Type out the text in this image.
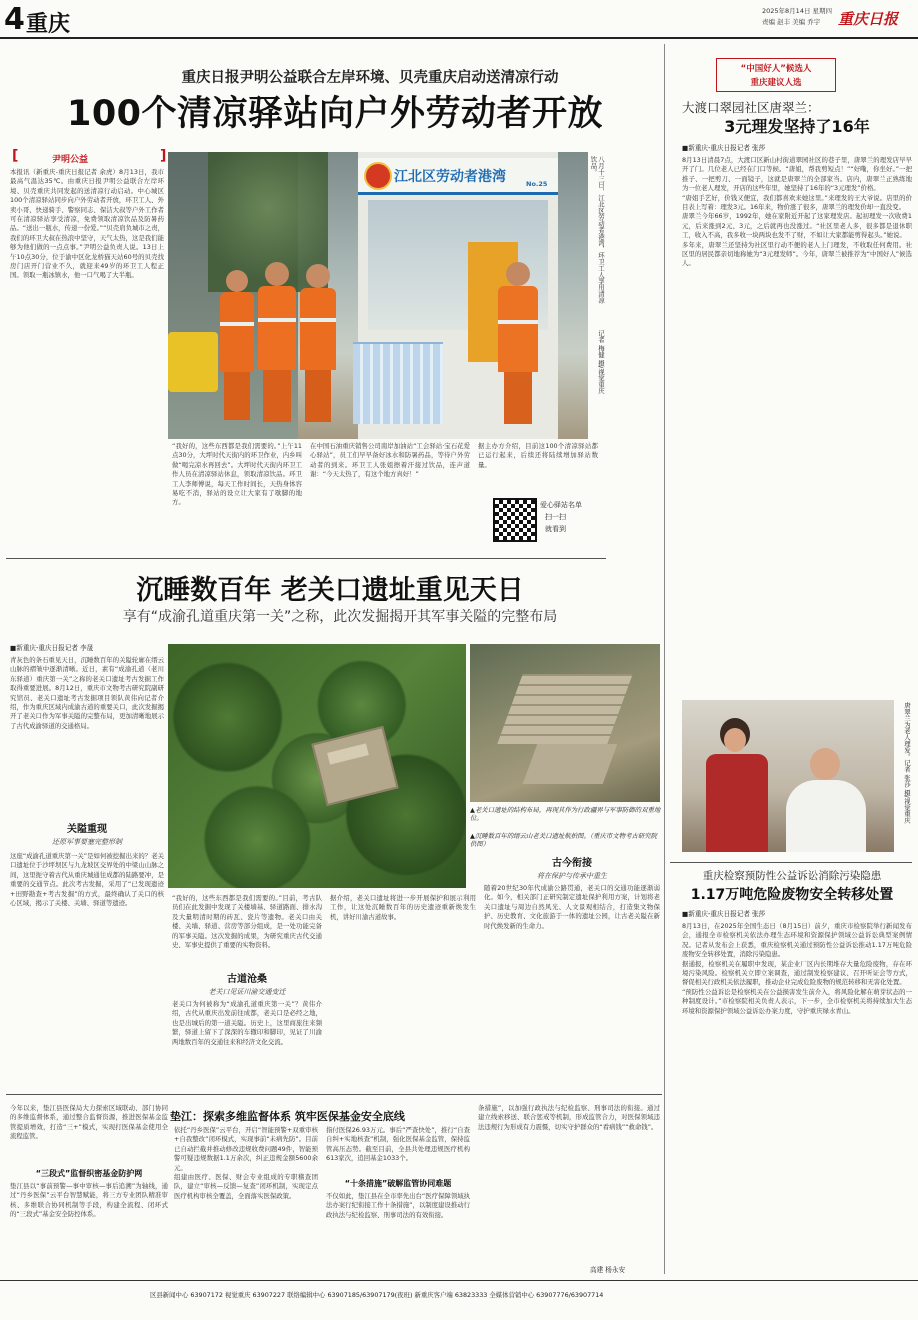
4 重庆
2025年8月14日 星期四
责编 赵丰 美编 乔宇 重庆日报
重庆日报尹明公益联合左岸环境、贝壳重庆启动送清凉行动
100个清凉驿站向户外劳动者开放
[	尹明公益	]
本报讯（新重庆-重庆日报记者 余虎）8月13日，我市最高气温达35℃。由重庆日报尹明公益联合左岸环境、贝壳重庆共同发起的送清凉行动启动。中心城区100个清凉驿站同步向户外劳动者开放，环卫工人、外卖小哥、快递骑手、警察同志、保洁大叔等户外工作者可在清凉驿站享受清凉，免费领取清凉饮品及防暑药品。“送出一瓶水，传递一份爱。”“贝壳肩负城市之责，我们的环卫大叔在热浪中坚守，天气太热，这是我们能够为他们做的一点点事。”尹明公益负责人说。13日上午10点30分，位于渝中区化龙桥猫天站60号的贝壳找房门店开门营业不久，就迎来49岁的环卫工人程正国。领取一瓶冰镇水，他一口气喝了大半瓶。
江北区劳动者港湾	No.25	八月十三日，江北区劳动者港湾，环卫工人享用清凉饮品。
记者 梅健 摄/视觉重庆
“我好的，这些东西都是我们需要的。”上午11点30分，大坪时代天街内的环卫作业，内乡叫做“喝完凉水再回去”。大坪时代天街内环卫工作人员在清凉驿站休息，领取清凉饮品。环卫工人李师傅说，每天工作时间长，天热身体容易吃不消，驿站的设立让大家有了歇脚的地方。
在中国石油重庆销售公司南岸加油站“工会驿站·宝石花爱心驿站”，员工们早早备好冰水和防暑药品，等待户外劳动者的到来。环卫工人张姐擦着汗接过饮品，连声道谢：“今天太热了，有这个地方真好！”
据主办方介绍，目前这100个清凉驿站都已运行起来，后续还将陆续增加驿站数量。
爱心驿站名单
扫一扫
就看到
沉睡数百年 老关口遗址重见天日
享有“成渝孔道重庆第一关”之称，此次发掘揭开其军事关隘的完整布局
■新重庆-重庆日报记者 李晟
青灰色的条石重见天日，沉睡数百年的关隘轮廓在缙云山脉的褶皱中逐渐清晰。近日，素有“成渝孔道（老川东驿道）重庆第一关”之称的老关口遗址考古发掘工作取得重要进展。8月12日，重庆市文物考古研究院副研究馆员、老关口遗址考古发掘项目领队黄伟向记者介绍，作为重庆区域内成渝古道的重要关口，此次发掘揭开了老关口作为军事关隘的完整布局，更加清晰地展示了古代成渝驿道的交通格局。
关隘重现
还原军事要塞完整形制
这座“成渝孔道重庆第一关”是如何被挖掘出来的？老关口遗址位于沙坪坝区与九龙坡区交界处的中梁山山脉之间，这里扼守着古代从重庆城通往成都的陆路要冲，是重要的交通节点。此次考古发掘，采用了“已发现遗迹+田野勘查+考古发掘”的方式，最终确认了关口的核心区域，揭示了关楼、关墙、驿道等遗迹。
▲老关口遗址的结构布局，再现其作为行政疆界与军事防御的双重地位。
▲沉睡数百年的缙云山老关口遗址航拍图。（重庆市文物考古研究院供图）
“我好的，这些东西都是我们需要的。”目前，考古队员们在此发掘中发现了关楼墙基、驿道路面、排水沟及大量明清时期的砖瓦、瓷片等遗物。老关口由关楼、关墙、驿道、营房等部分组成，是一处功能完备的军事关隘。这次发掘的成果，为研究重庆古代交通史、军事史提供了重要的实物资料。
古道沧桑
老关口见证川渝交通变迁
老关口为何被称为“成渝孔道重庆第一关”？黄伟介绍，古代从重庆出发前往成都，老关口是必经之地，也是出城后的第一道关隘。历史上，这里商旅往来频繁，驿道上留下了深深的车辙印和脚印，见证了川渝两地数百年的交通往来和经济文化交流。
据介绍，老关口遗址将进一步开展保护和展示利用工作，让这处沉睡数百年的历史遗迹重新焕发生机，讲好川渝古道故事。
古今衔接
将在保护与传承中重生
随着20世纪30年代成渝公路贯通，老关口的交通功能逐渐弱化。如今，相关部门正研究制定遗址保护利用方案，计划将老关口遗址与周边自然风光、人文景观相结合，打造集文物保护、历史教育、文化旅游于一体的遗址公园，让古老关隘在新时代焕发新的生命力。
“中国好人”候选人
重庆建议人选
大渡口翠园社区唐翠兰：
3元理发坚持了16年
■新重庆-重庆日报记者 张莎

8月13日清晨7点，大渡口区新山村街道翠园社区的巷子里，唐翠兰的理发店早早开了门。几位老人已经在门口等候。“唐姐，帮我剪短点！”“好嘞，你坐好。”一把推子、一把剪刀、一面镜子，这就是唐翠兰的全部家当。店内，唐翠兰正熟练地为一位老人理发，开店的这些年里，她坚持了16年的“3元理发”价格。

“唐姐手艺好，价钱又便宜，我们都喜欢来她这里。”来理发的王大爷说。店里的价目表上写着：理发3元。16年来，物价涨了很多，唐翠兰的理发价却一直没变。

唐翠兰今年66岁，1992年，她在家附近开起了这家理发店。起初理发一次收费1元，后来涨到2元、3元，之后就再也没涨过。“社区里老人多，很多都是退休职工，收入不高，我多收一块两块也发不了财，不如让大家都能剪得起头。”她说。

多年来，唐翠兰还坚持为社区里行动不便的老人上门理发，不收取任何费用。社区里的居民都亲切地称她为“3元理发师”。今年，唐翠兰被推荐为“中国好人”候选人。

唐翠兰为老人理发。记者 张莎 摄/视觉重庆
重庆检察预防性公益诉讼消除污染隐患
1.17万吨危险废物安全转移处置
■新重庆-重庆日报记者 张莎

8月13日，在2025年全国生态日（8月15日）前夕，重庆市检察院举行新闻发布会，通报全市检察机关依法办理生态环境和资源保护领域公益诉讼典型案例情况。记者从发布会上获悉，重庆检察机关通过预防性公益诉讼推动1.17万吨危险废物安全转移处置，消除污染隐患。

据通报，检察机关在履职中发现，某企业厂区内长期堆存大量危险废物，存在环境污染风险。检察机关立即立案调查，通过制发检察建议、召开听证会等方式，督促相关行政机关依法履职，推动企业完成危险废物的规范转移和无害化处置。

“预防性公益诉讼是检察机关在公益损害发生前介入，将风险化解在萌芽状态的一种制度设计。”市检察院相关负责人表示，下一步，全市检察机关将持续加大生态环境和资源保护领域公益诉讼办案力度，守护重庆绿水青山。

今年以来，垫江县医保局大力探索区域联动、部门协同的多维监督体系，通过整合监督资源，推进医保基金监管提质增效，打造“三+”模式，实现打医保基金使用全流程监管。
“三段式”监督织密基金防护网
垫江县以“事前预警—事中审核—事后追溯”为轴线，通过“丹乡医保”云平台智慧赋能，将三方专业团队精准审核、多维联合协同机制等手段，构建全流程、闭环式的“三段式”基金安全防控体系。
垫江：探索多维监督体系 筑牢医保基金安全底线

依托“丹乡医保”云平台，开启“智能预警+双重审核+自我整改”闭环模式，实现事前“未病先防”。目前已自动拦截并推动修改违规收费问题49件，智能预警可疑违规数据1.1万余次，纠正违规金额5600余元。

组建由医疗、医保、财会专业组成的专职稽查团队，建立“审核—反馈—复查”闭环机制，实现定点医疗机构审核全覆盖，全面落实医保政策。

指付医保26.93万元。事后“严查快处”，推行“自查自纠+实地核查”机制，强化医保基金监管，保持监管高压态势。截至目前，全县共处理违规医疗机构613家次，追回基金1033个。
“十条措施”破解监管协同难题
不仅如此，垫江县在全市率先出台“医疗保障领域执法办案行纪衔接工作十条措施”，以制度建设推动行政执法与纪检监察、刑事司法的有效衔接。
条措施”，以加强行政执法与纪检监察、刑事司法的衔接。通过建立线索移送、联合惩戒等机制，形成监管合力，对医保领域违法违规行为形成有力震慑，切实守护群众的“看病钱”“救命钱”。
高建 杨永安
区县新闻中心 63907172 视觉重庆 63907227 联络编辑中心 63907185/63907179(夜班) 新重庆客户端 63823333 全媒体营销中心 63907776/63907714
